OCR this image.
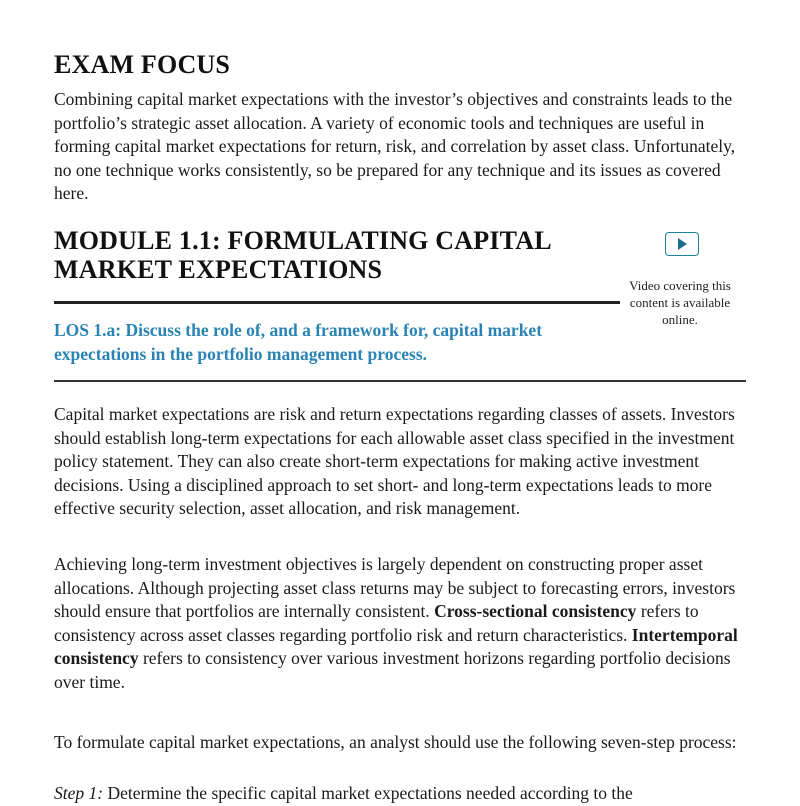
EXAM FOCUS

Combining capital market expectations with the investor’s objectives and constraints leads to the portfolio’s strategic asset allocation. A variety of economic tools and techniques are useful in forming capital market expectations for return, risk, and correlation by asset class. Unfortunately, no one technique works consistently, so be prepared for any technique and its issues as covered here.

MODULE 1.1: FORMULATING CAPITAL MARKET EXPECTATIONS
Video covering this content is available online.

LOS 1.a: Discuss the role of, and a framework for, capital market expectations in the portfolio management process.

Capital market expectations are risk and return expectations regarding classes of assets. Investors should establish long-term expectations for each allowable asset class specified in the investment policy statement. They can also create short-term expectations for making active investment decisions. Using a disciplined approach to set short- and long-term expectations leads to more effective security selection, asset allocation, and risk management.

Achieving long-term investment objectives is largely dependent on constructing proper asset allocations. Although projecting asset class returns may be subject to forecasting errors, investors should ensure that portfolios are internally consistent. Cross-sectional consistency refers to consistency across asset classes regarding portfolio risk and return characteristics. Intertemporal consistency refers to consistency over various investment horizons regarding portfolio decisions over time.

To formulate capital market expectations, an analyst should use the following seven-step process:

Step 1: Determine the specific capital market expectations needed according to the
